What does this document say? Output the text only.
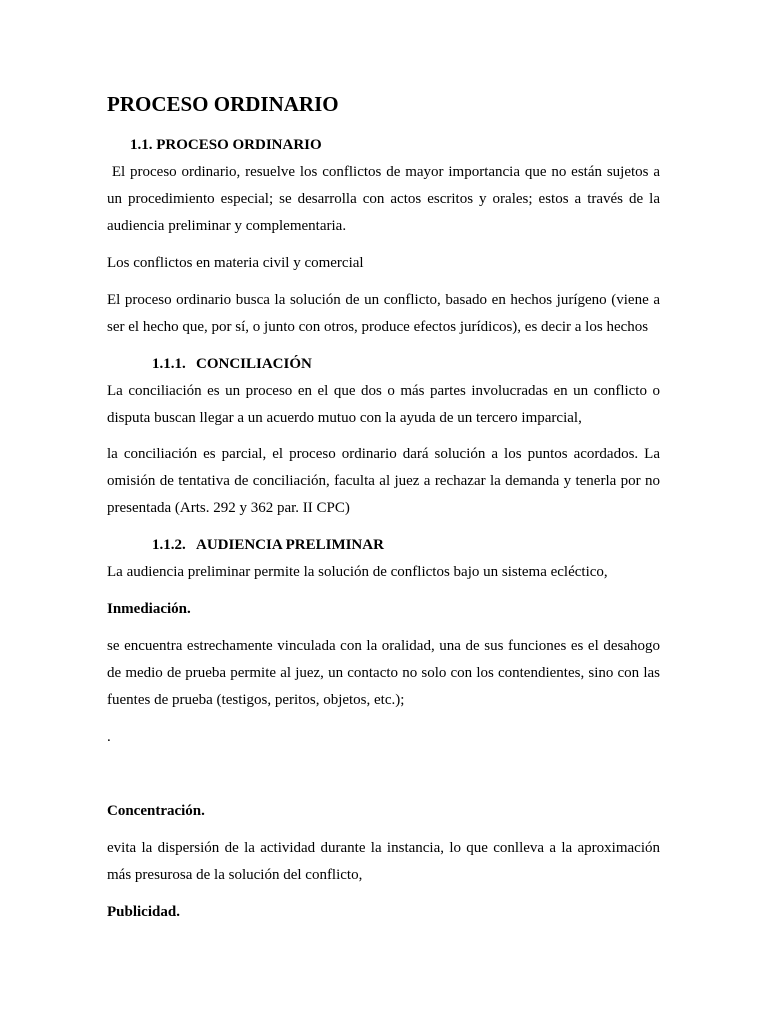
PROCESO ORDINARIO
1.1. PROCESO ORDINARIO

El proceso ordinario, resuelve los conflictos de mayor importancia que no están sujetos a un procedimiento especial; se desarrolla con actos escritos y orales; estos a través de la audiencia preliminar y complementaria.

Los conflictos en materia civil y comercial

El proceso ordinario busca la solución de un conflicto, basado en hechos jurígeno (viene a ser el hecho que, por sí, o junto con otros, produce efectos jurídicos), es decir a los hechos

1.1.1. CONCILIACIÓN

La conciliación es un proceso en el que dos o más partes involucradas en un conflicto o disputa buscan llegar a un acuerdo mutuo con la ayuda de un tercero imparcial,

la conciliación es parcial, el proceso ordinario dará solución a los puntos acordados. La omisión de tentativa de conciliación, faculta al juez a rechazar la demanda y tenerla por no presentada (Arts. 292 y 362 par. II CPC)

1.1.2. AUDIENCIA PRELIMINAR

La audiencia preliminar permite la solución de conflictos bajo un sistema ecléctico,

Inmediación.

se encuentra estrechamente vinculada con la oralidad, una de sus funciones es el desahogo de medio de prueba permite al juez, un contacto no solo con los contendientes, sino con las fuentes de prueba (testigos, peritos, objetos, etc.);

.

Concentración.

evita la dispersión de la actividad durante la instancia, lo que conlleva a la aproximación más presurosa de la solución del conflicto,

Publicidad.
